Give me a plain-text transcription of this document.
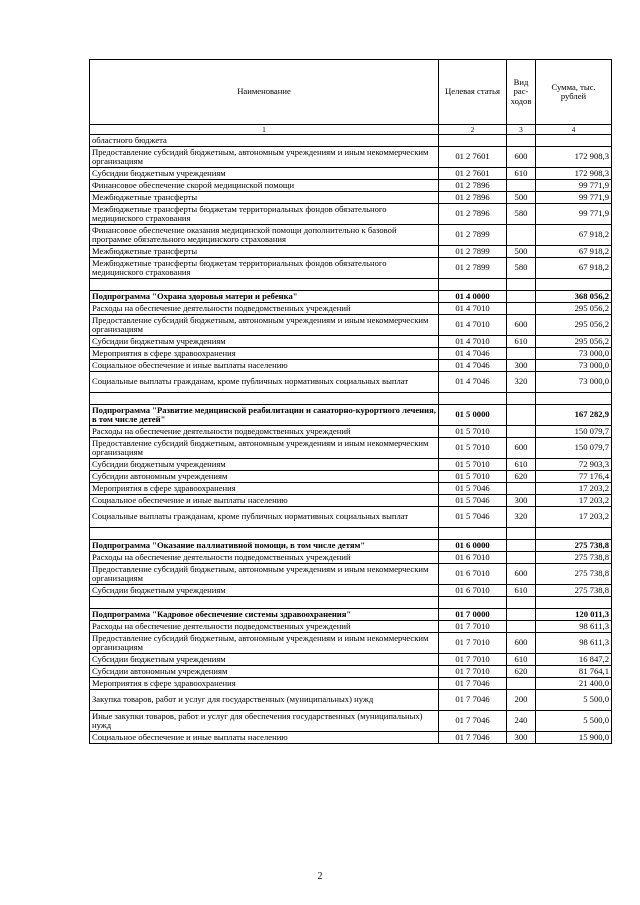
Наименование	Целевая статья	Вид рас-ходов	Сумма, тыс. рублей
1	2	3	4
областного бюджета			
Предоставление субсидий бюджетным, автономным учреждениям и иным некоммерческим организациям	01 2 7601	600	172 908,3
Субсидии бюджетным учреждениям	01 2 7601	610	172 908,3
Финансовое обеспечение скорой медицинской помощи	01 2 7896		99 771,9
Межбюджетные трансферты	01 2 7896	500	99 771,9
Межбюджетные трансферты бюджетам территориальных фондов обязательного медицинского страхования	01 2 7896	580	99 771,9
Финансовое обеспечение оказания медицинской помощи дополнительно к базовой программе обязательного медицинского страхования	01 2 7899		67 918,2
Межбюджетные трансферты	01 2 7899	500	67 918,2
Межбюджетные трансферты бюджетам территориальных фондов обязательного медицинского страхования	01 2 7899	580	67 918,2

Подпрограмма "Охрана здоровья матери и ребенка"	01 4 0000		368 056,2
Расходы на обеспечение деятельности подведомственных учреждений	01 4 7010		295 056,2
Предоставление субсидий бюджетным, автономным учреждениям и иным некоммерческим организациям	01 4 7010	600	295 056,2
Субсидии бюджетным учреждениям	01 4 7010	610	295 056,2
Мероприятия в сфере здравоохранения	01 4 7046		73 000,0
Социальное обеспечение и иные выплаты населению	01 4 7046	300	73 000,0
Социальные выплаты гражданам, кроме публичных нормативных социальных выплат	01 4 7046	320	73 000,0

Подпрограмма "Развитие медицинской реабилитации и санаторно-курортного лечения, в том числе детей"	01 5 0000		167 282,9
Расходы на обеспечение деятельности подведомственных учреждений	01 5 7010		150 079,7
Предоставление субсидий бюджетным, автономным учреждениям и иным некоммерческим организациям	01 5 7010	600	150 079,7
Субсидии бюджетным учреждениям	01 5 7010	610	72 903,3
Субсидии автономным учреждениям	01 5 7010	620	77 176,4
Мероприятия в сфере здравоохранения	01 5 7046		17 203,2
Социальное обеспечение и иные выплаты населению	01 5 7046	300	17 203,2
Социальные выплаты гражданам, кроме публичных нормативных социальных выплат	01 5 7046	320	17 203,2

Подпрограмма "Оказание паллиативной помощи, в том числе детям"	01 6 0000		275 738,8
Расходы на обеспечение деятельности подведомственных учреждений	01 6 7010		275 738,8
Предоставление субсидий бюджетным, автономным учреждениям и иным некоммерческим организациям	01 6 7010	600	275 738,8
Субсидии бюджетным учреждениям	01 6 7010	610	275 738,8

Подпрограмма "Кадровое обеспечение системы здравоохранения"	01 7 0000		120 011,3
Расходы на обеспечение деятельности подведомственных учреждений	01 7 7010		98 611,3
Предоставление субсидий бюджетным, автономным учреждениям и иным некоммерческим организациям	01 7 7010	600	98 611,3
Субсидии бюджетным учреждениям	01 7 7010	610	16 847,2
Субсидии автономным учреждениям	01 7 7010	620	81 764,1
Мероприятия в сфере здравоохранения	01 7 7046		21 400,0
Закупка товаров, работ и услуг для государственных (муниципальных) нужд	01 7 7046	200	5 500,0
Иные закупки товаров, работ и услуг для обеспечения государственных (муниципальных) нужд	01 7 7046	240	5 500,0
Социальное обеспечение и иные выплаты населению	01 7 7046	300	15 900,0
2
